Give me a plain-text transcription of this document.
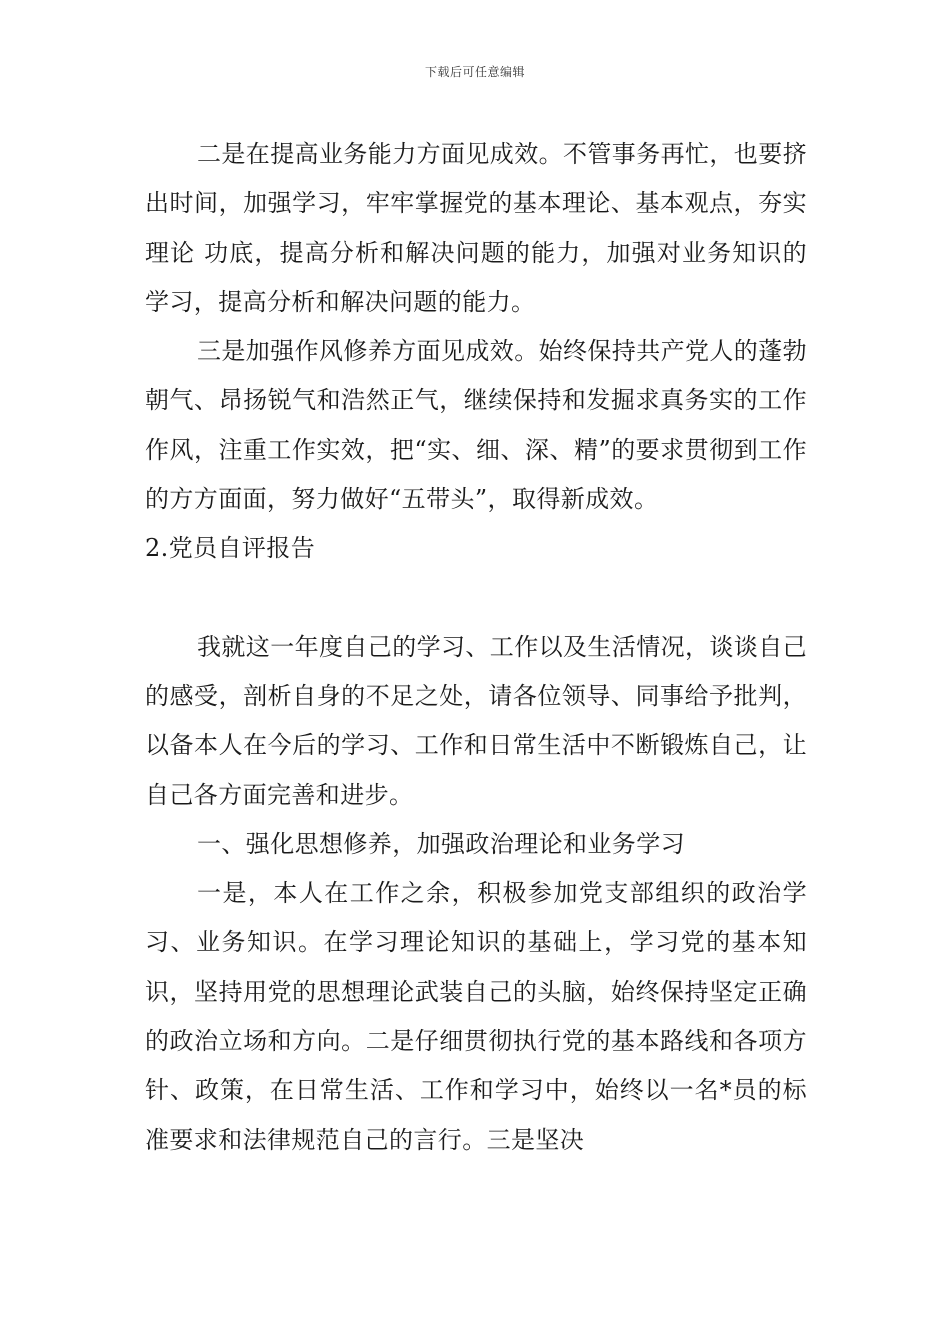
下载后可任意编辑

二是在提高业务能力方面见成效。不管事务再忙，也要挤出时间，加强学习，牢牢掌握党的基本理论、基本观点，夯实理论 功底，提高分析和解决问题的能力，加强对业务知识的学习，提高分析和解决问题的能力。

三是加强作风修养方面见成效。始终保持共产党人的蓬勃朝气、昂扬锐气和浩然正气，继续保持和发掘求真务实的工作作风，注重工作实效，把“实、细、深、精”的要求贯彻到工作的方方面面，努力做好“五带头”，取得新成效。

2.党员自评报告

我就这一年度自己的学习、工作以及生活情况，谈谈自己的感受，剖析自身的不足之处，请各位领导、同事给予批判，以备本人在今后的学习、工作和日常生活中不断锻炼自己，让自己各方面完善和进步。

一、强化思想修养，加强政治理论和业务学习

一是，本人在工作之余，积极参加党支部组织的政治学习、业务知识。在学习理论知识的基础上，学习党的基本知识，坚持用党的思想理论武装自己的头脑，始终保持坚定正确的政治立场和方向。二是仔细贯彻执行党的基本路线和各项方针、政策，在日常生活、工作和学习中，始终以一名*员的标准要求和法律规范自己的言行。三是坚决
